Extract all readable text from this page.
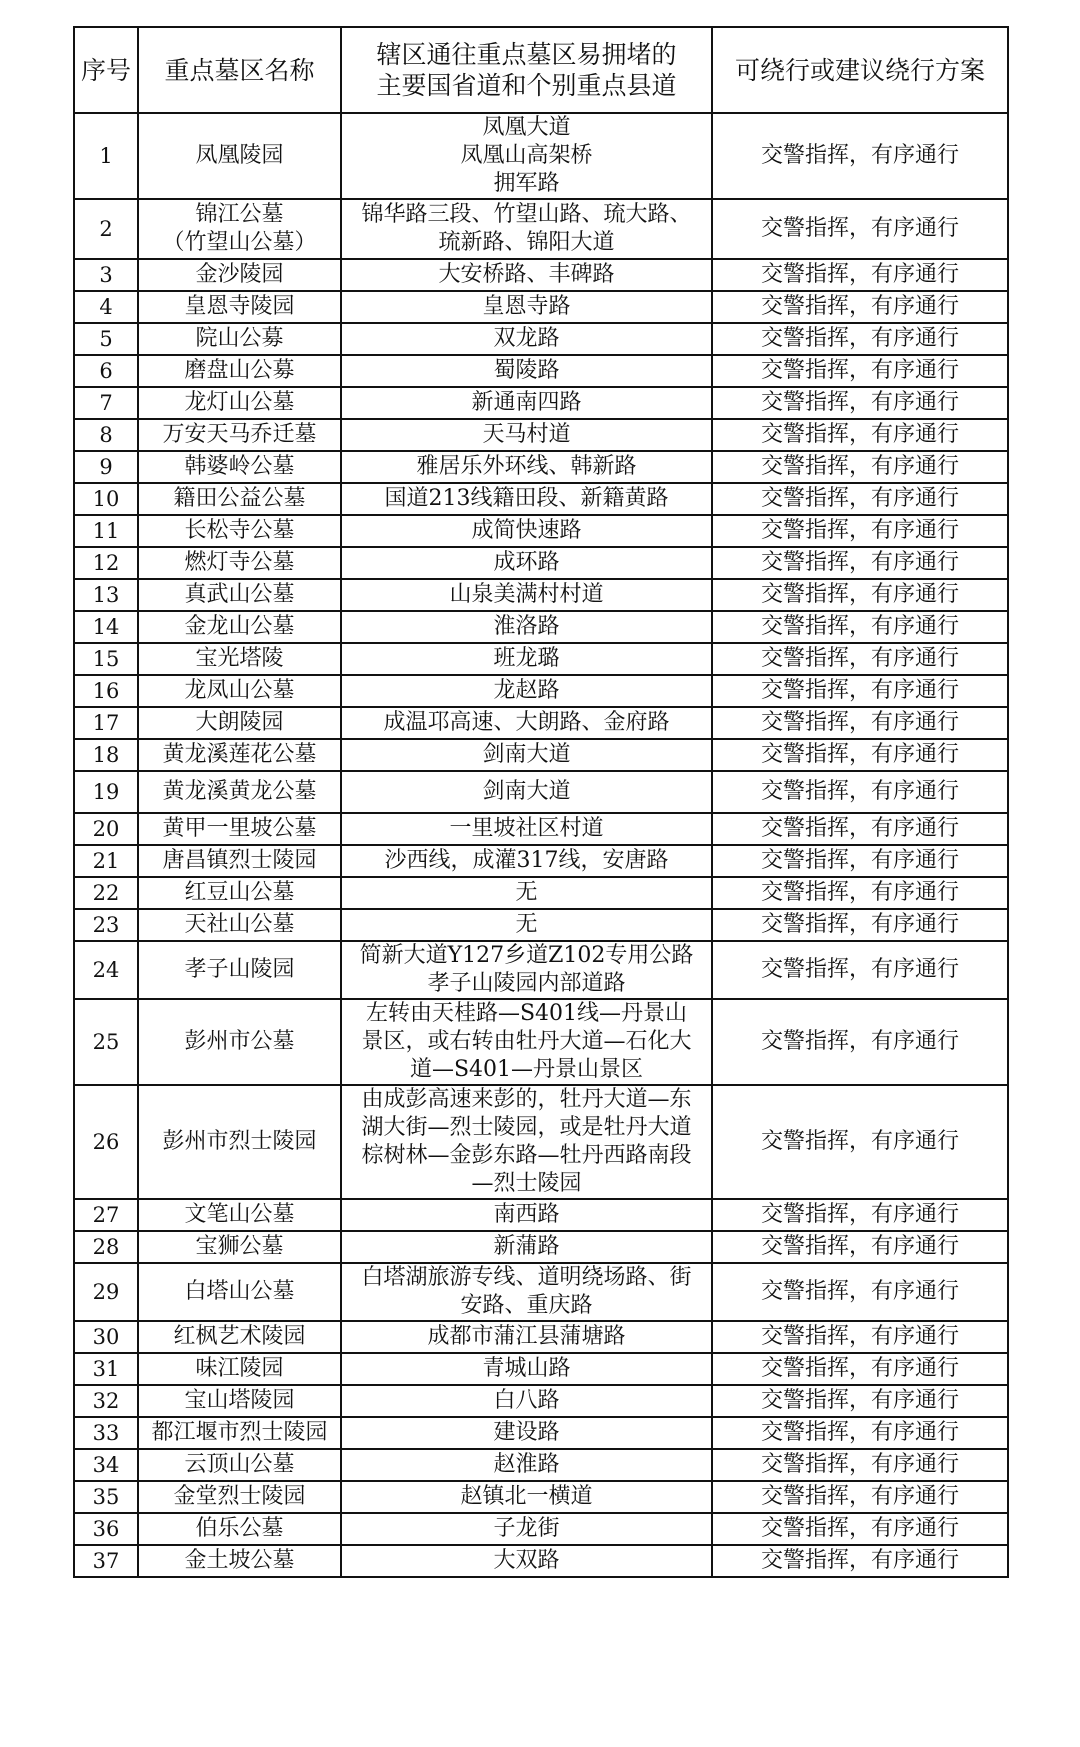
序号	重点墓区名称	辖区通往重点墓区易拥堵的
主要国省道和个别重点县道	可绕行或建议绕行方案
1	凤凰陵园	凤凰大道
凤凰山高架桥
拥军路	交警指挥，有序通行
2	锦江公墓
（竹望山公墓）	锦华路三段、竹望山路、琉大路、
琉新路、锦阳大道	交警指挥，有序通行
3	金沙陵园	大安桥路、丰碑路	交警指挥，有序通行
4	皇恩寺陵园	皇恩寺路	交警指挥，有序通行
5	院山公募	双龙路	交警指挥，有序通行
6	磨盘山公募	蜀陵路	交警指挥，有序通行
7	龙灯山公墓	新通南四路	交警指挥，有序通行
8	万安天马乔迁墓	天马村道	交警指挥，有序通行
9	韩婆岭公墓	雅居乐外环线、韩新路	交警指挥，有序通行
10	籍田公益公墓	国道213线籍田段、新籍黄路	交警指挥，有序通行
11	长松寺公墓	成简快速路	交警指挥，有序通行
12	燃灯寺公墓	成环路	交警指挥，有序通行
13	真武山公墓	山泉美满村村道	交警指挥，有序通行
14	金龙山公墓	淮洛路	交警指挥，有序通行
15	宝光塔陵	班龙璐	交警指挥，有序通行
16	龙凤山公墓	龙赵路	交警指挥，有序通行
17	大朗陵园	成温邛高速、大朗路、金府路	交警指挥，有序通行
18	黄龙溪莲花公墓	剑南大道	交警指挥，有序通行
19	黄龙溪黄龙公墓	剑南大道	交警指挥，有序通行
20	黄甲一里坡公墓	一里坡社区村道	交警指挥，有序通行
21	唐昌镇烈士陵园	沙西线，成灌317线，安唐路	交警指挥，有序通行
22	红豆山公墓	无	交警指挥，有序通行
23	天社山公墓	无	交警指挥，有序通行
24	孝子山陵园	简新大道Y127乡道Z102专用公路
孝子山陵园内部道路	交警指挥，有序通行
25	彭州市公墓	左转由天桂路—S401线—丹景山
景区，或右转由牡丹大道—石化大
道—S401—丹景山景区	交警指挥，有序通行
26	彭州市烈士陵园	由成彭高速来彭的，牡丹大道—东
湖大街—烈士陵园，或是牡丹大道
棕树林—金彭东路—牡丹西路南段
—烈士陵园	交警指挥，有序通行
27	文笔山公墓	南西路	交警指挥，有序通行
28	宝狮公墓	新蒲路	交警指挥，有序通行
29	白塔山公墓	白塔湖旅游专线、道明绕场路、街
安路、重庆路	交警指挥，有序通行
30	红枫艺术陵园	成都市蒲江县蒲塘路	交警指挥，有序通行
31	味江陵园	青城山路	交警指挥，有序通行
32	宝山塔陵园	白八路	交警指挥，有序通行
33	都江堰市烈士陵园	建设路	交警指挥，有序通行
34	云顶山公墓	赵淮路	交警指挥，有序通行
35	金堂烈士陵园	赵镇北一横道	交警指挥，有序通行
36	伯乐公墓	子龙街	交警指挥，有序通行
37	金土坡公墓	大双路	交警指挥，有序通行
